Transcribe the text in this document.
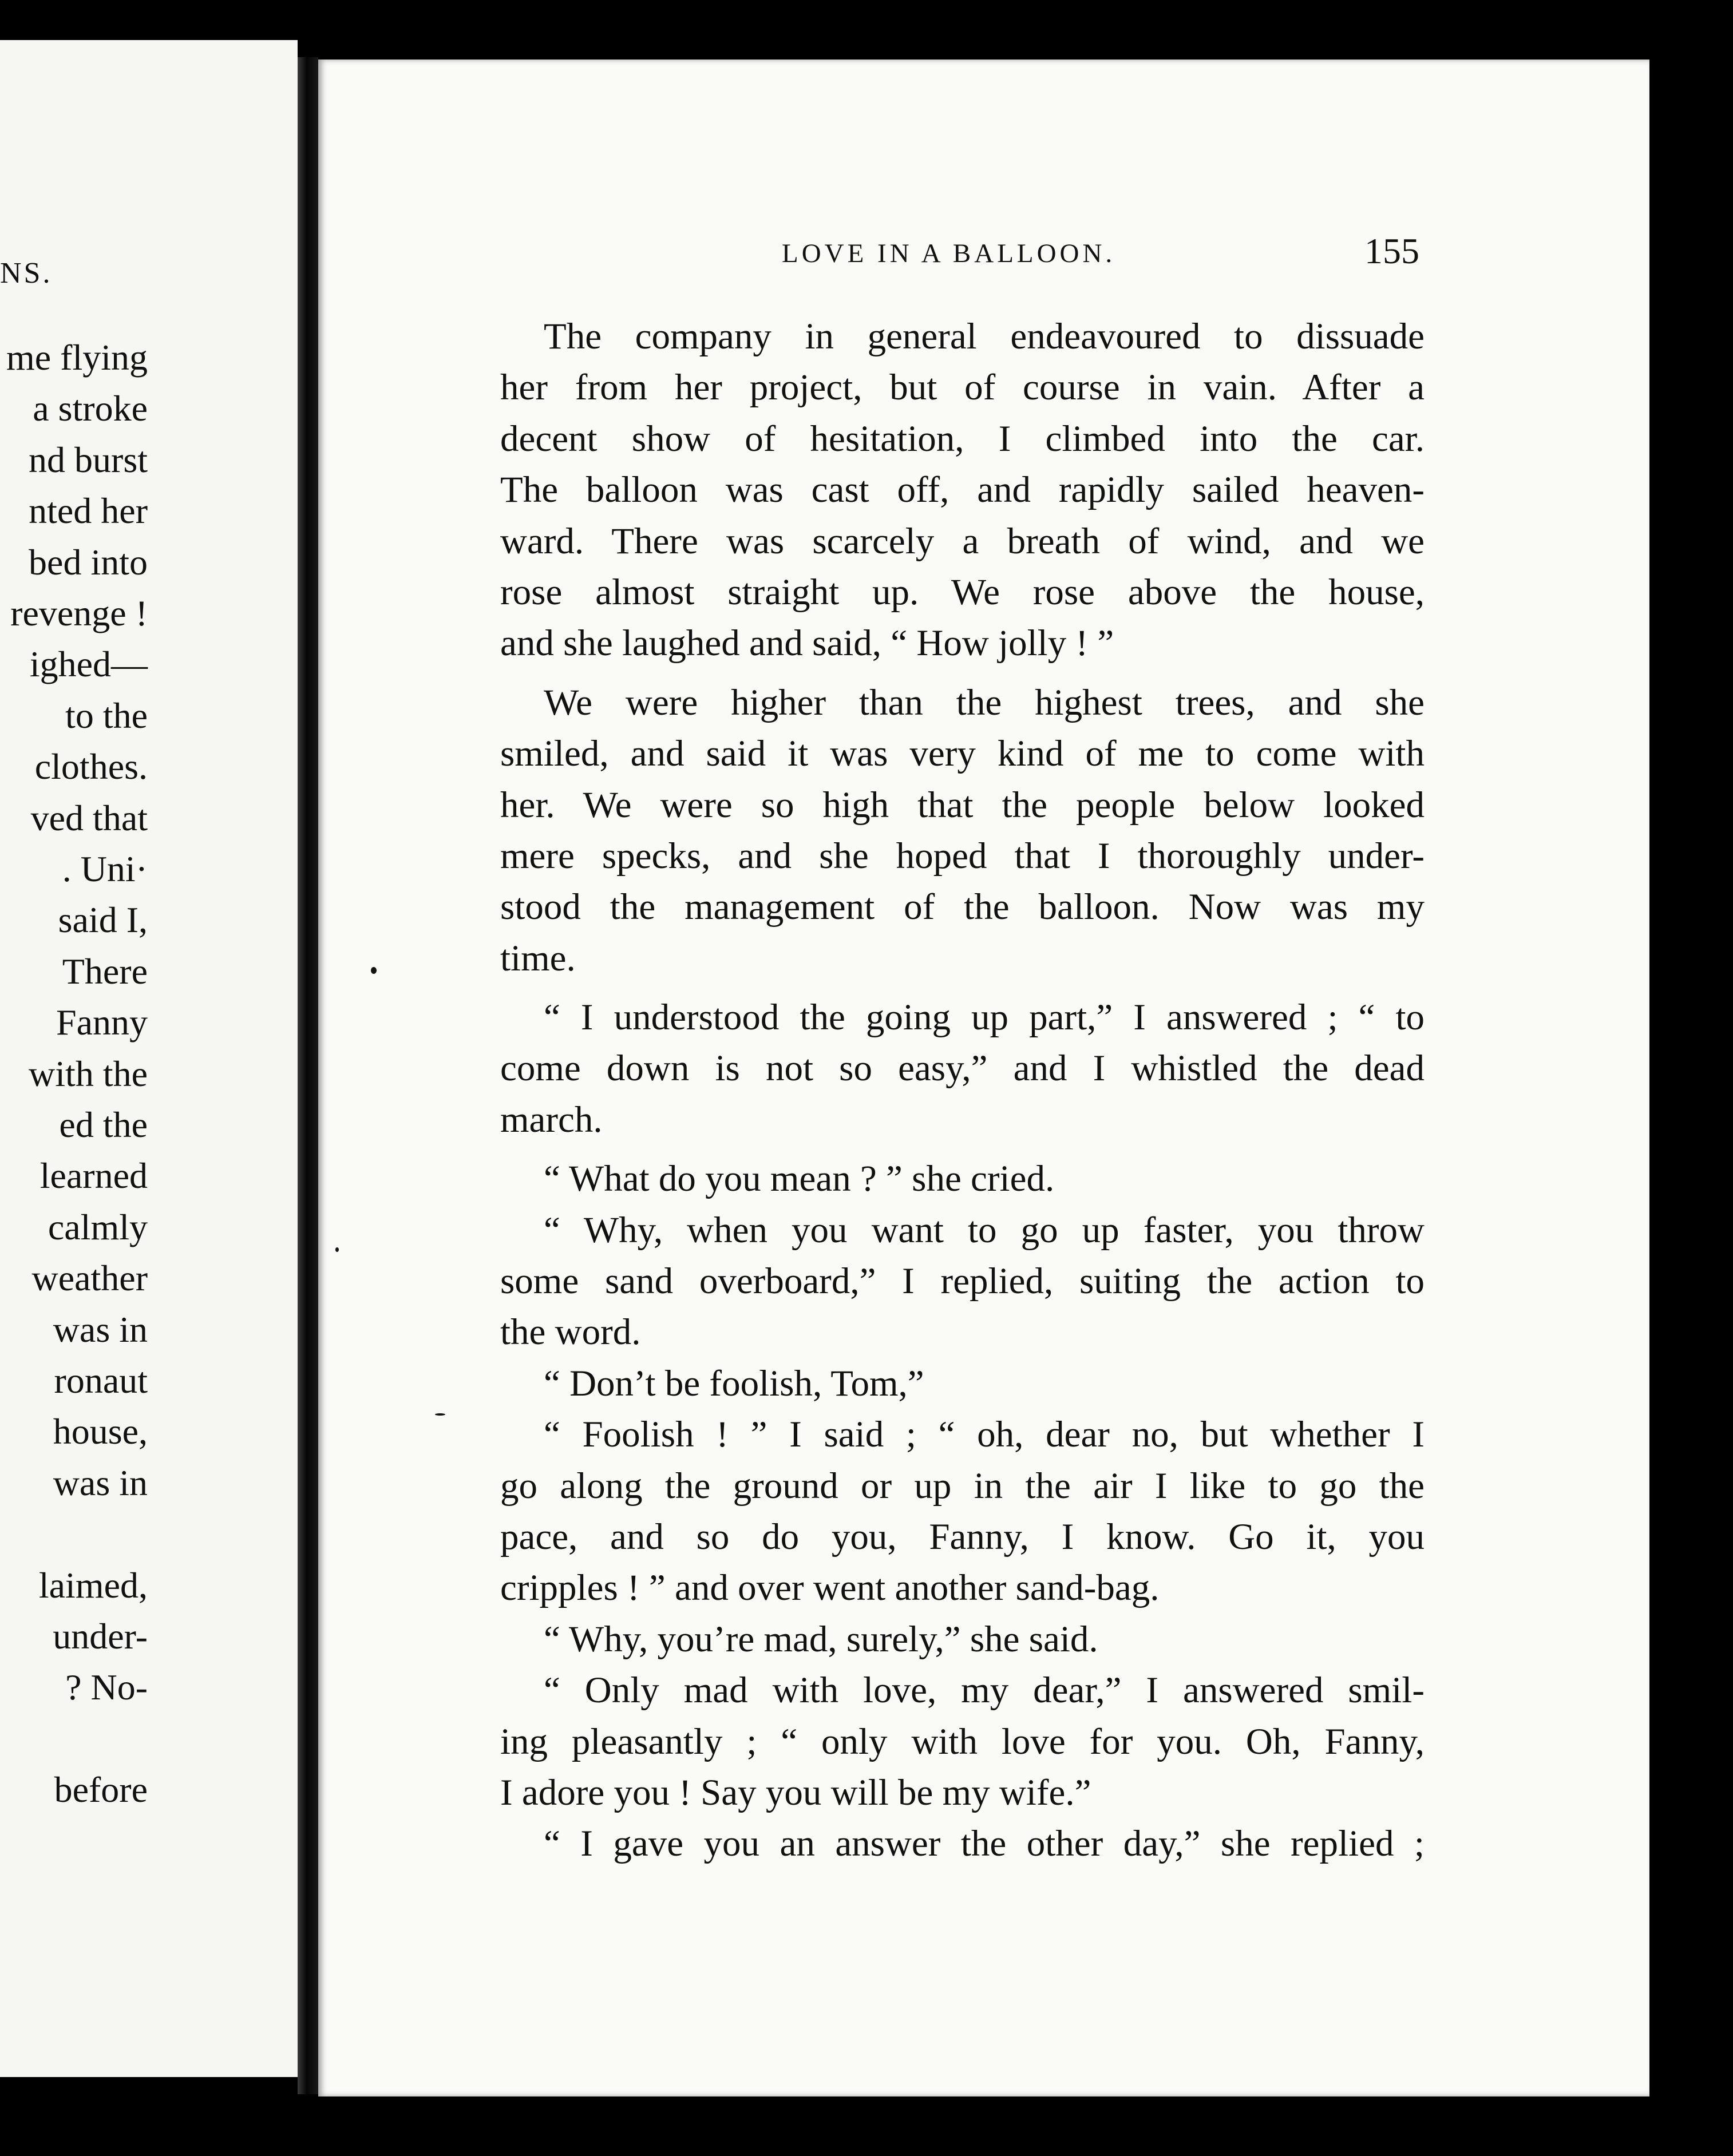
NS.
me flying
a stroke
nd burst
nted her
bed into
revenge !
ighed—
to the
clothes.
ved that
. Uni·
said I,
There
Fanny
with the
ed the
learned
calmly
weather
was in
ronaut
house,
was in
laimed,
under-
? No-
before
LOVE IN A BALLOON.	155
The company in general endeavoured to dissuade
her from her project, but of course in vain. After a
decent show of hesitation, I climbed into the car.
The balloon was cast off, and rapidly sailed heaven-
ward. There was scarcely a breath of wind, and we
rose almost straight up. We rose above the house,
and she laughed and said, “ How jolly ! ”
We were higher than the highest trees, and she
smiled, and said it was very kind of me to come with
her. We were so high that the people below looked
mere specks, and she hoped that I thoroughly under-
stood the management of the balloon. Now was my
time.
“ I understood the going up part,” I answered ; “ to
come down is not so easy,” and I whistled the dead
march.
“ What do you mean ? ” she cried.
“ Why, when you want to go up faster, you throw
some sand overboard,” I replied, suiting the action to
the word.
“ Don’t be foolish, Tom,”
“ Foolish ! ” I said ; “ oh, dear no, but whether I
go along the ground or up in the air I like to go the
pace, and so do you, Fanny, I know. Go it, you
cripples ! ” and over went another sand-bag.
“ Why, you’re mad, surely,” she said.
“ Only mad with love, my dear,” I answered smil-
ing pleasantly ; “ only with love for you. Oh, Fanny,
I adore you ! Say you will be my wife.”
“ I gave you an answer the other day,” she replied ;
